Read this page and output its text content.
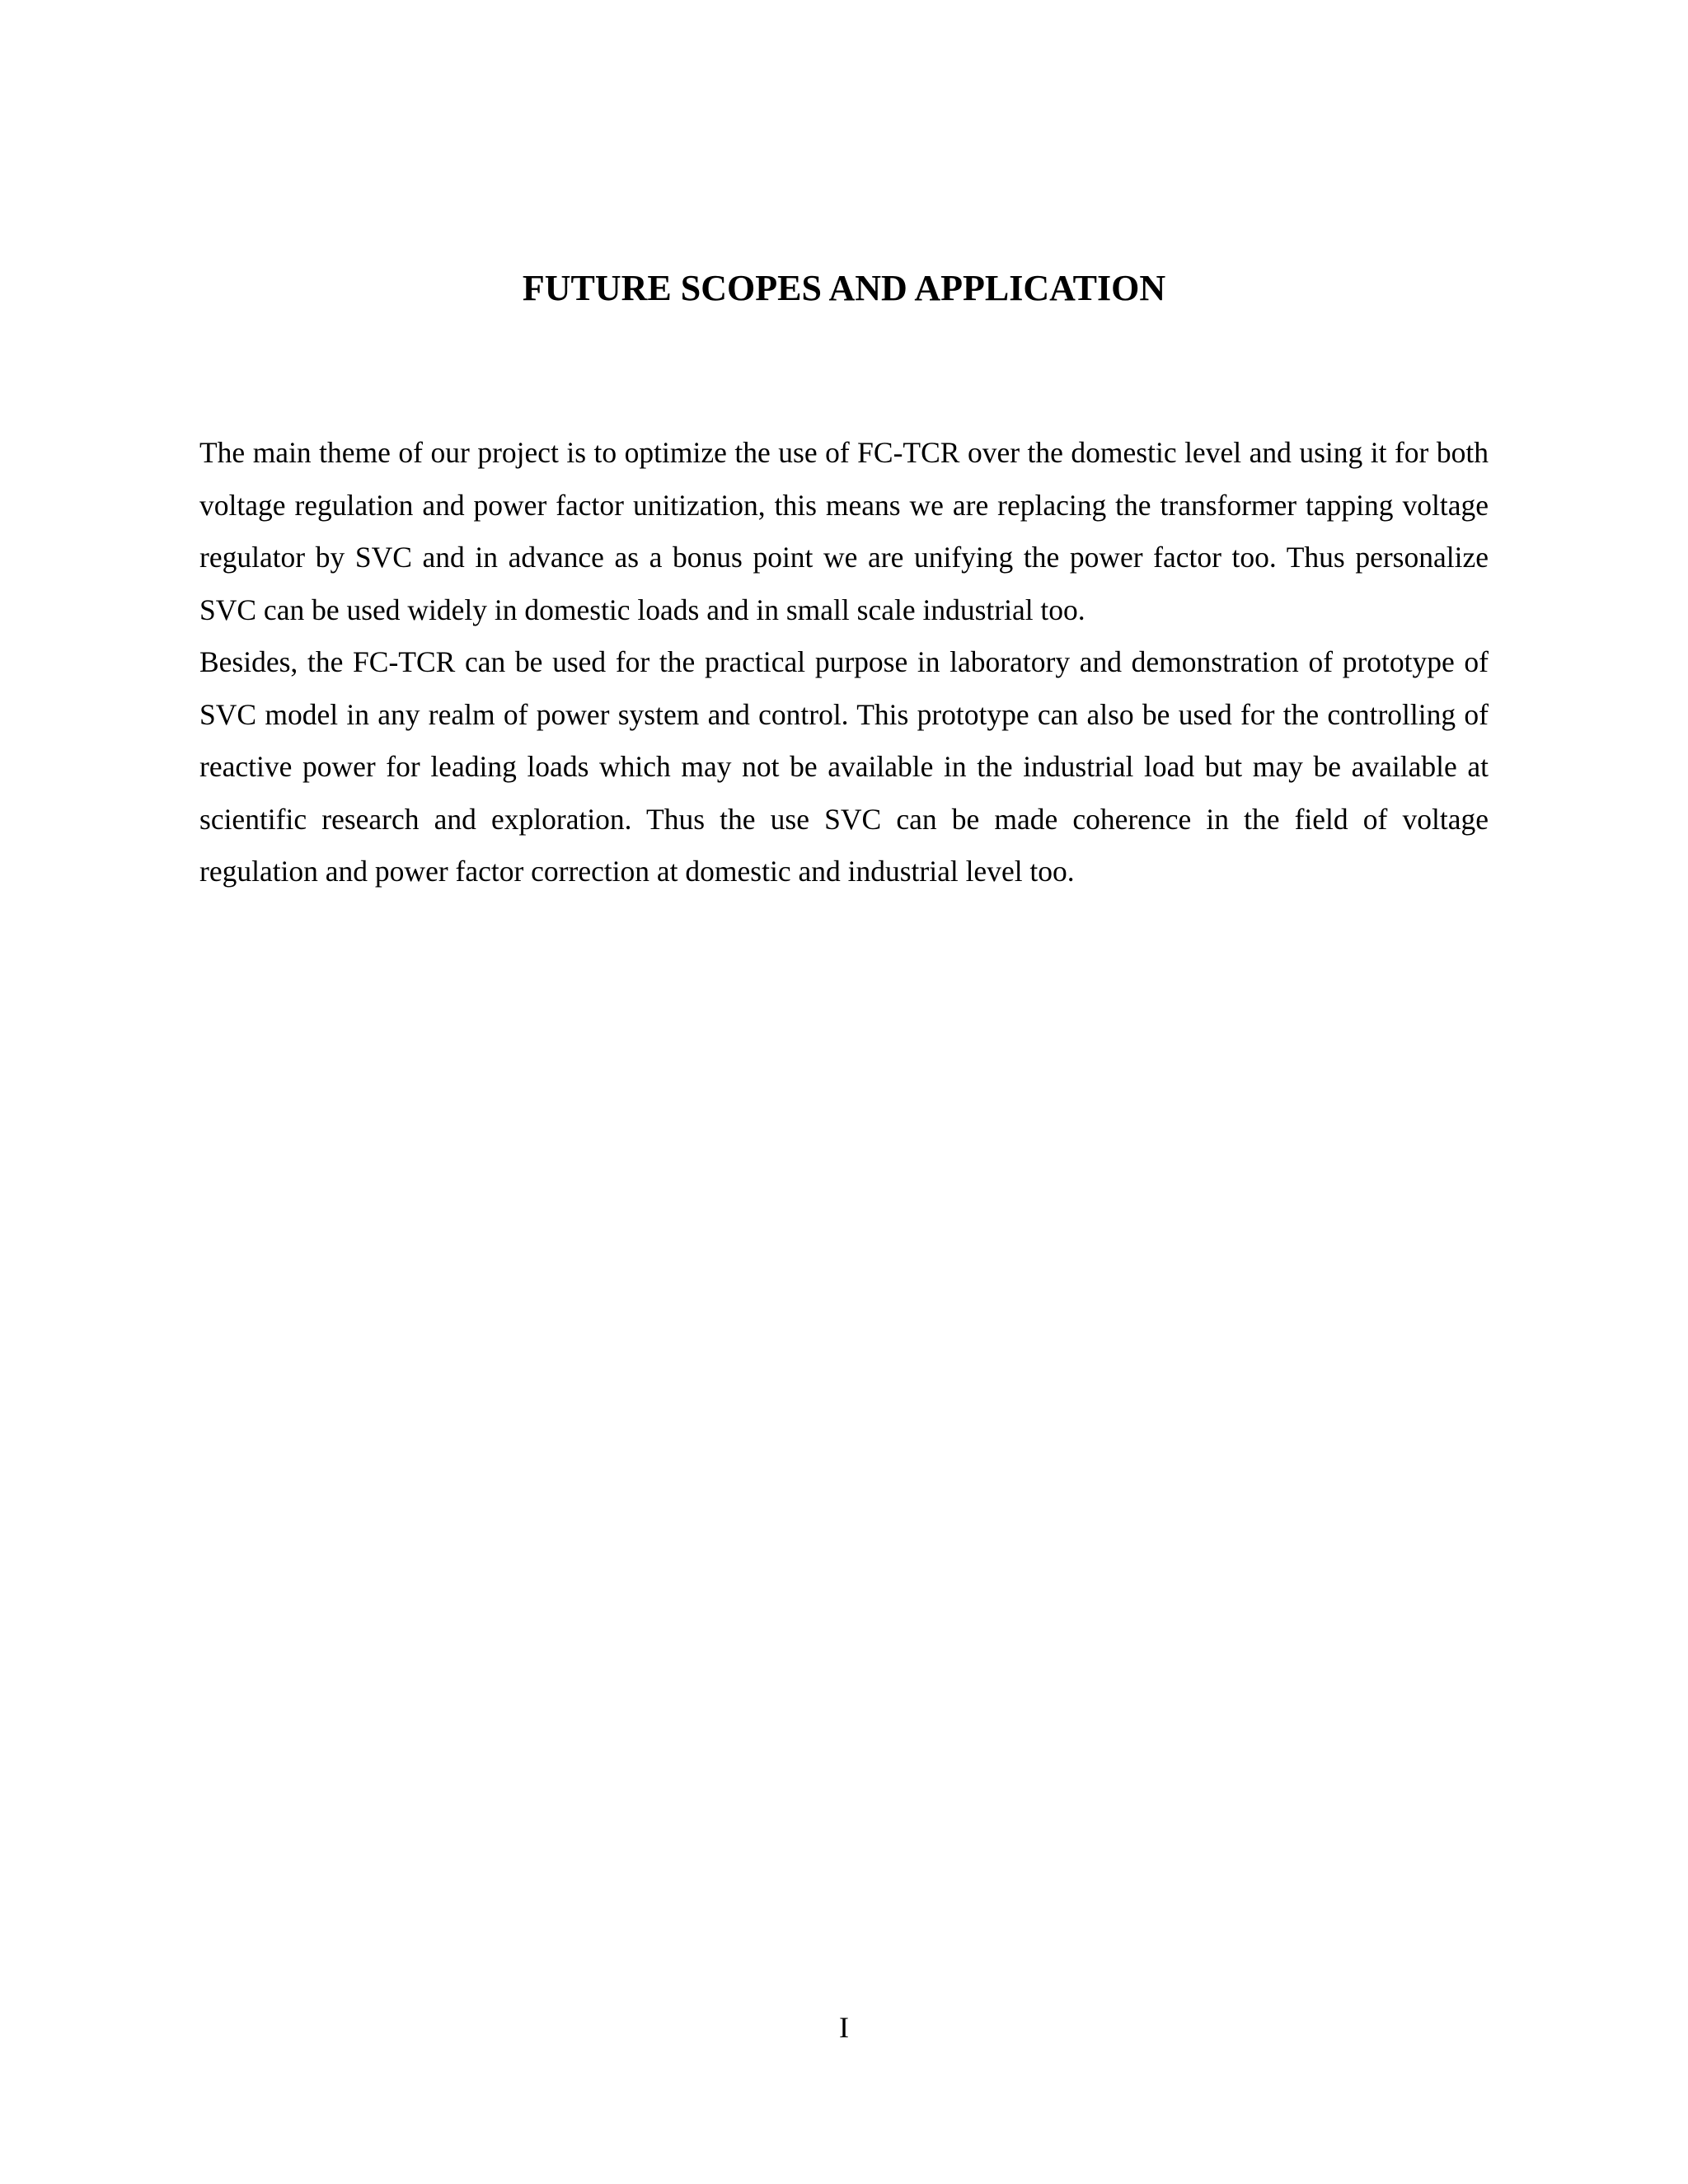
FUTURE SCOPES AND APPLICATION

The main theme of our project is to optimize the use of FC-TCR over the domestic level and using it for both voltage regulation and power factor unitization, this means we are replacing the transformer tapping voltage regulator by SVC and in advance as a bonus point we are unifying the power factor too. Thus personalize SVC can be used widely in domestic loads and in small scale industrial too.

Besides, the FC-TCR can be used for the practical purpose in laboratory and demonstration of prototype of SVC model in any realm of power system and control. This prototype can also be used for the controlling of reactive power for leading loads which may not be available in the industrial load but may be available at scientific research and exploration. Thus the use SVC can be made coherence in the field of voltage regulation and power factor correction at domestic and industrial level too.

I
